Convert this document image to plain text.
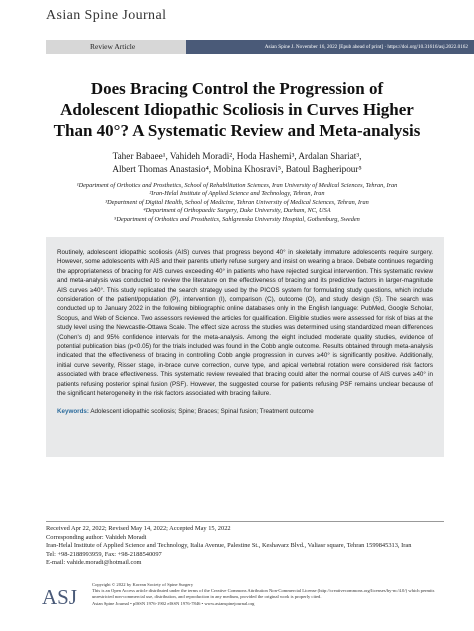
Asian Spine Journal
Review Article	Asian Spine J. November 16, 2022 [Epub ahead of print] · https://doi.org/10.31616/asj.2022.0162
Does Bracing Control the Progression of
Adolescent Idiopathic Scoliosis in Curves Higher
Than 40°? A Systematic Review and Meta-analysis
Taher Babaee¹, Vahideh Moradi², Hoda Hashemi³, Ardalan Shariat³,
Albert Thomas Anastasio⁴, Mobina Khosravi⁵, Batoul Bagheripour⁵
¹Department of Orthotics and Prosthetics, School of Rehabilitation Sciences, Iran University of Medical Sciences, Tehran, Iran
²Iran-Helal Institute of Applied Science and Technology, Tehran, Iran
³Department of Digital Health, School of Medicine, Tehran University of Medical Sciences, Tehran, Iran
⁴Department of Orthopaedic Surgery, Duke University, Durham, NC, USA
⁵Department of Orthotics and Prosthetics, Sahlgrenska University Hospital, Gothenburg, Sweden

Routinely, adolescent idiopathic scoliosis (AIS) curves that progress beyond 40° in skeletally immature adolescents require surgery. However, some adolescents with AIS and their parents utterly refuse surgery and insist on wearing a brace. Debate continues regarding the appropriateness of bracing for AIS curves exceeding 40° in patients who have rejected surgical intervention. This systematic review and meta-analysis was conducted to review the literature on the effectiveness of bracing and its predictive factors in larger-magnitude AIS curves ≥40°. This study replicated the search strategy used by the PICOS system for formulating study questions, which include consideration of the patient/population (P), intervention (I), comparison (C), outcome (O), and study design (S). The search was conducted up to January 2022 in the following bibliographic online databases only in the English language: PubMed, Google Scholar, Scopus, and Web of Science. Two assessors reviewed the articles for qualification. Eligible studies were assessed for risk of bias at the study level using the Newcastle-Ottawa Scale. The effect size across the studies was determined using standardized mean differences (Cohen's d) and 95% confidence intervals for the meta-analysis. Among the eight included moderate quality studies, evidence of potential publication bias (p<0.05) for the trials included was found in the Cobb angle outcome. Results obtained through meta-analysis indicated that the effectiveness of bracing in controlling Cobb angle progression in curves ≥40° is significantly positive. Additionally, initial curve severity, Risser stage, in-brace curve correction, curve type, and apical vertebral rotation were considered risk factors associated with brace effectiveness. This systematic review revealed that bracing could alter the normal course of AIS curves ≥40° in patients refusing posterior spinal fusion (PSF). However, the suggested course for patients refusing PSF remains unclear because of the significant heterogeneity in the risk factors associated with bracing failure.

Keywords: Adolescent idiopathic scoliosis; Spine; Braces; Spinal fusion; Treatment outcome
Received Apr 22, 2022; Revised May 14, 2022; Accepted May 15, 2022
Corresponding author: Vahideh Moradi
Iran-Helal Institute of Applied Science and Technology, Italia Avenue, Palestine St., Keshavarz Blvd., Valiasr square, Tehran 1599845313, Iran
Tel: +98-2188993959, Fax: +98-2188540097
E-mail: vahide.moradi@hotmail.com
ASJ
Copyright © 2022 by Korean Society of Spine Surgery
This is an Open Access article distributed under the terms of the Creative Commons Attribution Non-Commercial License (http://creativecommons.org/licenses/by-nc/4.0/) which permits unrestricted non-commercial use, distribution, and reproduction in any medium, provided the original work is properly cited.
Asian Spine Journal • pISSN 1976-1902 eISSN 1976-7846 • www.asianspinejournal.org
